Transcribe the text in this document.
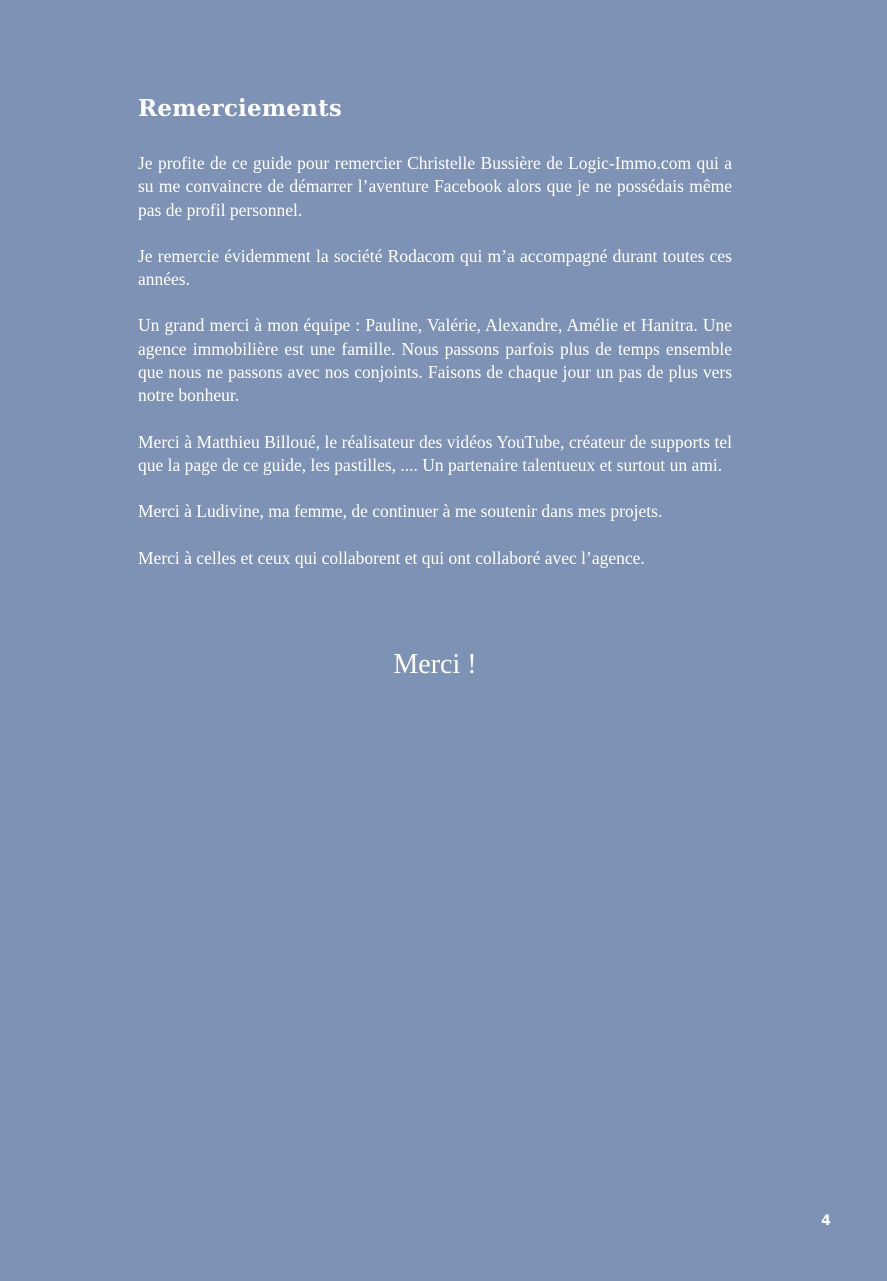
Remerciements

Je profite de ce guide pour remercier Christelle Bussière de Logic-Immo.com qui a su me convaincre de démarrer l’aventure Facebook alors que je ne possédais même pas de profil personnel.

Je remercie évidemment la société Rodacom qui m’a accompagné durant toutes ces années.

Un grand merci à mon équipe : Pauline, Valérie, Alexandre, Amélie et Hanitra. Une agence immobilière est une famille. Nous passons parfois plus de temps ensemble que nous ne passons avec nos conjoints. Faisons de chaque jour un pas de plus vers notre bonheur.

Merci à Matthieu Billoué, le réalisateur des vidéos YouTube, créateur de supports tel que la page de ce guide, les pastilles, .... Un partenaire talentueux et surtout un ami.

Merci à Ludivine, ma femme, de continuer à me soutenir dans mes projets.

Merci à celles et ceux qui collaborent et qui ont collaboré avec l’agence.

Merci !
4
